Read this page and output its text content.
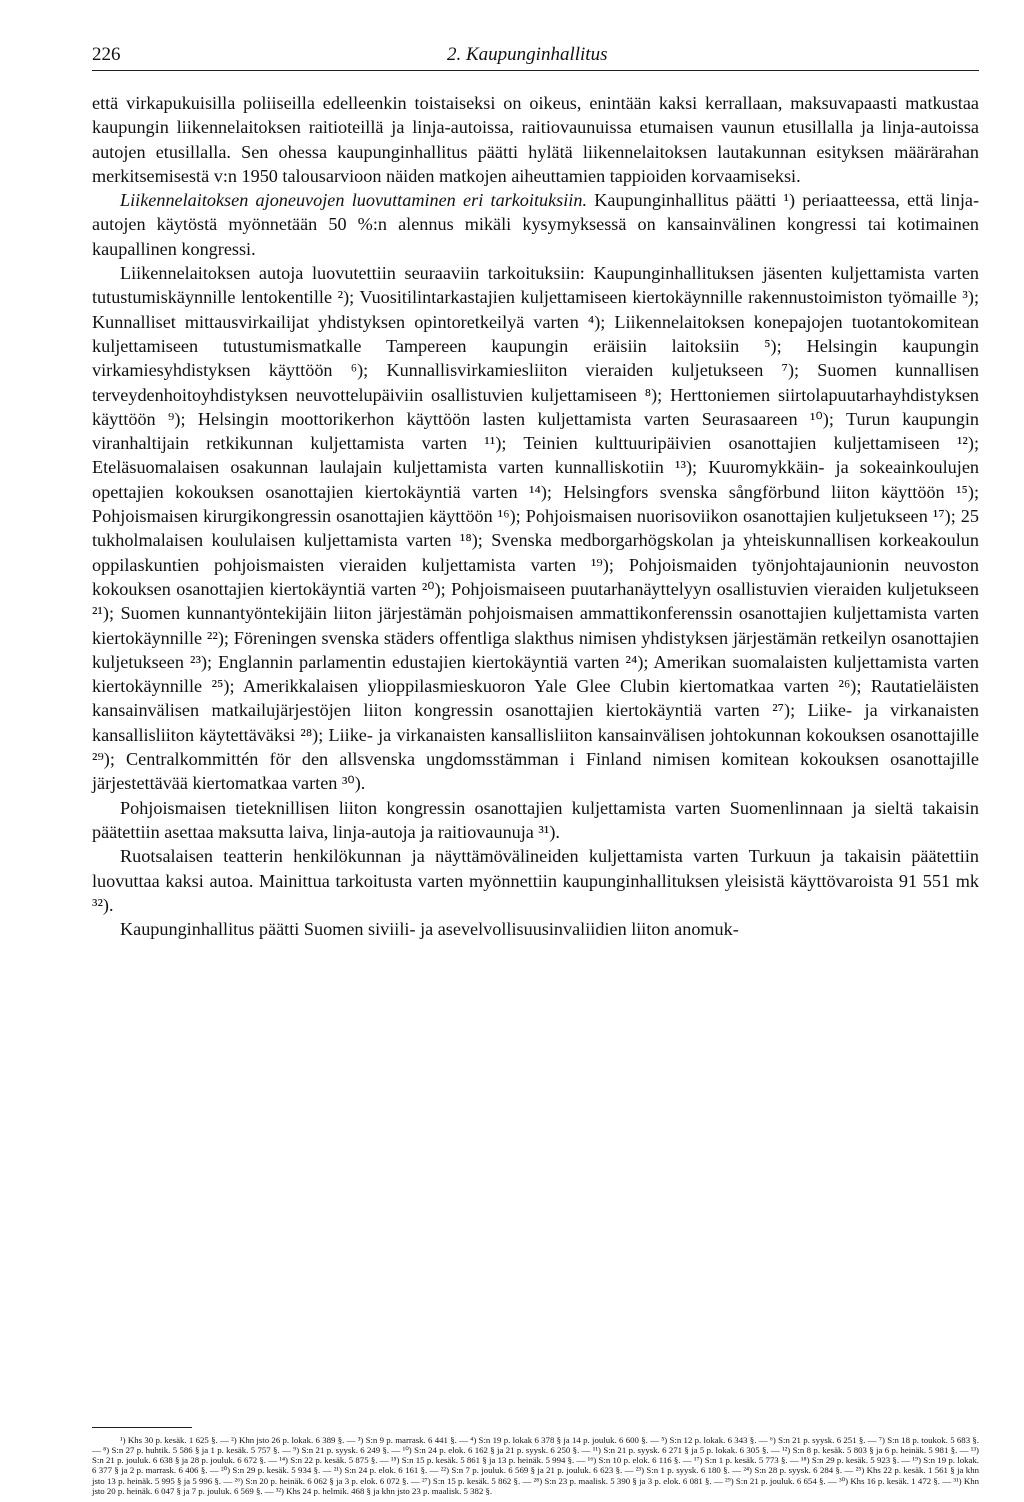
226	2. Kaupunginhallitus

että virkapukuisilla poliiseilla edelleenkin toistaiseksi on oikeus, enintään kaksi kerrallaan, maksuvapaasti matkustaa kaupungin liikennelaitoksen raitioteillä ja linja-autoissa, raitiovaunuissa etumaisen vaunun etusillalla ja linja-autoissa autojen etusillalla. Sen ohessa kaupunginhallitus päätti hylätä liikennelaitoksen lautakunnan esityksen määrärahan merkitsemisestä v:n 1950 talousarvioon näiden matkojen aiheuttamien tappioiden korvaamiseksi.

Liikennelaitoksen ajoneuvojen luovuttaminen eri tarkoituksiin. Kaupunginhallitus päätti ¹) periaatteessa, että linja-autojen käytöstä myönnetään 50 %:n alennus mikäli kysymyksessä on kansainvälinen kongressi tai kotimainen kaupallinen kongressi.

Liikennelaitoksen autoja luovutettiin seuraaviin tarkoituksiin: Kaupunginhallituksen jäsenten kuljettamista varten tutustumiskäynnille lentokentille ²); Vuositilintarkastajien kuljettamiseen kiertokäynnille rakennustoimiston työmaille ³); Kunnalliset mittausvirkailijat yhdistyksen opintoretkeilyä varten ⁴); Liikennelaitoksen konepajojen tuotantokomitean kuljettamiseen tutustumismatkalle Tampereen kaupungin eräisiin laitoksiin ⁵); Helsingin kaupungin virkamiesyhdistyksen käyttöön ⁶); Kunnallisvirkamiesliiton vieraiden kuljetukseen ⁷); Suomen kunnallisen terveydenhoitoyhdistyksen neuvottelupäiviin osallistuvien kuljettamiseen ⁸); Herttoniemen siirtolapuutarhayhdistyksen käyttöön ⁹); Helsingin moottorikerhon käyttöön lasten kuljettamista varten Seurasaareen ¹⁰); Turun kaupungin viranhaltijain retkikunnan kuljettamista varten ¹¹); Teinien kulttuuripäivien osanottajien kuljettamiseen ¹²); Eteläsuomalaisen osakunnan laulajain kuljettamista varten kunnalliskotiin ¹³); Kuuromykkäin- ja sokeainkoulujen opettajien kokouksen osanottajien kiertokäyntiä varten ¹⁴); Helsingfors svenska sångförbund liiton käyttöön ¹⁵); Pohjoismaisen kirurgikongressin osanottajien käyttöön ¹⁶); Pohjoismaisen nuorisoviikon osanottajien kuljetukseen ¹⁷); 25 tukholmalaisen koululaisen kuljettamista varten ¹⁸); Svenska medborgarhögskolan ja yhteiskunnallisen korkeakoulun oppilaskuntien pohjoismaisten vieraiden kuljettamista varten ¹⁹); Pohjoismaiden työnjohtajaunionin neuvoston kokouksen osanottajien kiertokäyntiä varten ²⁰); Pohjoismaiseen puutarhanäyttelyyn osallistuvien vieraiden kuljetukseen ²¹); Suomen kunnantyöntekijäin liiton järjestämän pohjoismaisen ammattikonferenssin osanottajien kuljettamista varten kiertokäynnille ²²); Föreningen svenska städers offentliga slakthus nimisen yhdistyksen järjestämän retkeilyn osanottajien kuljetukseen ²³); Englannin parlamentin edustajien kiertokäyntiä varten ²⁴); Amerikan suomalaisten kuljettamista varten kiertokäynnille ²⁵); Amerikkalaisen ylioppilasmieskuoron Yale Glee Clubin kiertomatkaa varten ²⁶); Rautatieläisten kansainvälisen matkailujärjestöjen liiton kongressin osanottajien kiertokäyntiä varten ²⁷); Liike- ja virkanaisten kansallisliiton käytettäväksi ²⁸); Liike- ja virkanaisten kansallisliiton kansainvälisen johtokunnan kokouksen osanottajille ²⁹); Centralkommittén för den allsvenska ungdomsstämman i Finland nimisen komitean kokouksen osanottajille järjestettävää kiertomatkaa varten ³⁰).

Pohjoismaisen tieteknillisen liiton kongressin osanottajien kuljettamista varten Suomenlinnaan ja sieltä takaisin päätettiin asettaa maksutta laiva, linja-autoja ja raitiovaunuja ³¹).

Ruotsalaisen teatterin henkilökunnan ja näyttämövälineiden kuljettamista varten Turkuun ja takaisin päätettiin luovuttaa kaksi autoa. Mainittua tarkoitusta varten myönnettiin kaupunginhallituksen yleisistä käyttövaroista 91 551 mk ³²).

Kaupunginhallitus päätti Suomen siviili- ja asevelvollisuusinvaliidien liiton anomuk-

¹) Khs 30 p. kesäk. 1 625 §. — ²) Khn jsto 26 p. lokak. 6 389 §. — ³) S:n 9 p. marrask. 6 441 §. — ⁴) S:n 19 p. lokak 6 378 § ja 14 p. jouluk. 6 600 §. — ⁵) S:n 12 p. lokak. 6 343 §. — ⁶) S:n 21 p. syysk. 6 251 §. — ⁷) S:n 18 p. toukok. 5 683 §. — ⁸) S:n 27 p. huhtik. 5 586 § ja 1 p. kesäk. 5 757 §. — ⁹) S:n 21 p. syysk. 6 249 §. — ¹⁰) S:n 24 p. elok. 6 162 § ja 21 p. syysk. 6 250 §. — ¹¹) S:n 21 p. syysk. 6 271 § ja 5 p. lokak. 6 305 §. — ¹²) S:n 8 p. kesäk. 5 803 § ja 6 p. heinäk. 5 981 §. — ¹³) S:n 21 p. jouluk. 6 638 § ja 28 p. jouluk. 6 672 §. — ¹⁴) S:n 22 p. kesäk. 5 875 §. — ¹⁵) S:n 15 p. kesäk. 5 861 § ja 13 p. heinäk. 5 994 §. — ¹⁶) S:n 10 p. elok. 6 116 §. — ¹⁷) S:n 1 p. kesäk. 5 773 §. — ¹⁸) S:n 29 p. kesäk. 5 923 §. — ¹⁹) S:n 19 p. lokak. 6 377 § ja 2 p. marrask. 6 406 §. — ²⁰) S:n 29 p. kesäk. 5 934 §. — ²¹) S:n 24 p. elok. 6 161 §. — ²²) S:n 7 p. jouluk. 6 569 § ja 21 p. jouluk. 6 623 §. — ²³) S:n 1 p. syysk. 6 180 §. — ²⁴) S:n 28 p. syysk. 6 284 §. — ²⁵) Khs 22 p. kesäk. 1 561 § ja khn jsto 13 p. heinäk. 5 995 § ja 5 996 §. — ²⁶) S:n 20 p. heinäk. 6 062 § ja 3 p. elok. 6 072 §. — ²⁷) S:n 15 p. kesäk. 5 862 §. — ²⁸) S:n 23 p. maalisk. 5 390 § ja 3 p. elok. 6 081 §. — ²⁹) S:n 21 p. jouluk. 6 654 §. — ³⁰) Khs 16 p. kesäk. 1 472 §. — ³¹) Khn jsto 20 p. heinäk. 6 047 § ja 7 p. jouluk. 6 569 §. — ³²) Khs 24 p. helmik. 468 § ja khn jsto 23 p. maalisk. 5 382 §.
